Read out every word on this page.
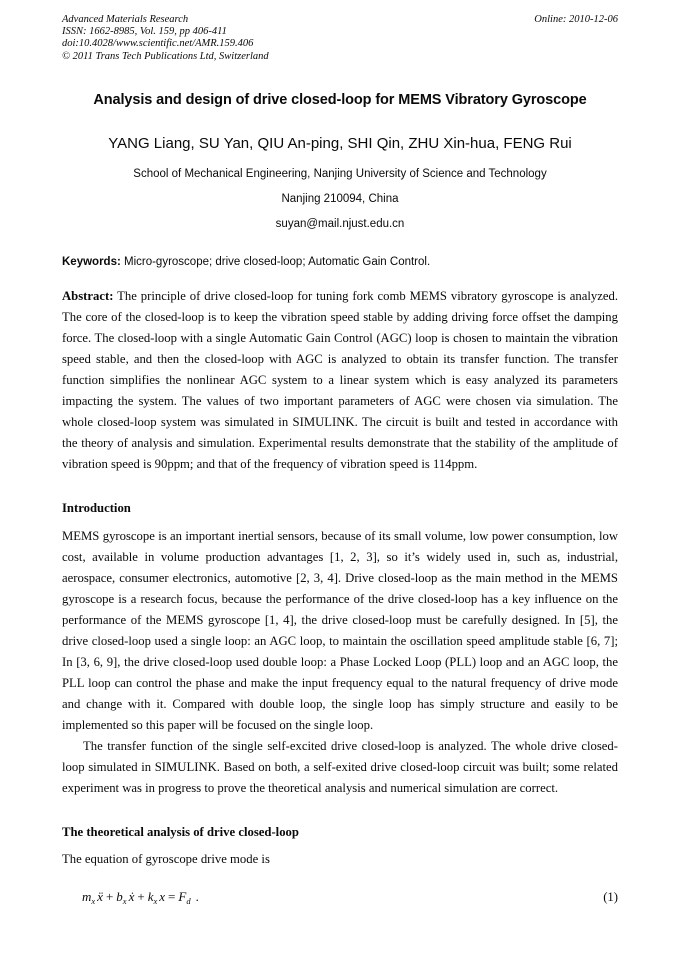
Advanced Materials Research
ISSN: 1662-8985, Vol. 159, pp 406-411
doi:10.4028/www.scientific.net/AMR.159.406
© 2011 Trans Tech Publications Ltd, Switzerland
Online: 2010-12-06
Analysis and design of drive closed-loop for MEMS Vibratory Gyroscope
YANG Liang, SU Yan, QIU An-ping, SHI Qin, ZHU Xin-hua, FENG Rui
School of Mechanical Engineering, Nanjing University of Science and Technology
Nanjing 210094, China
suyan@mail.njust.edu.cn
Keywords: Micro-gyroscope; drive closed-loop; Automatic Gain Control.
Abstract: The principle of drive closed-loop for tuning fork comb MEMS vibratory gyroscope is analyzed. The core of the closed-loop is to keep the vibration speed stable by adding driving force offset the damping force. The closed-loop with a single Automatic Gain Control (AGC) loop is chosen to maintain the vibration speed stable, and then the closed-loop with AGC is analyzed to obtain its transfer function. The transfer function simplifies the nonlinear AGC system to a linear system which is easy analyzed its parameters impacting the system. The values of two important parameters of AGC were chosen via simulation. The whole closed-loop system was simulated in SIMULINK. The circuit is built and tested in accordance with the theory of analysis and simulation. Experimental results demonstrate that the stability of the amplitude of vibration speed is 90ppm; and that of the frequency of vibration speed is 114ppm.
Introduction
MEMS gyroscope is an important inertial sensors, because of its small volume, low power consumption, low cost, available in volume production advantages [1, 2, 3], so it’s widely used in, such as, industrial, aerospace, consumer electronics, automotive [2, 3, 4]. Drive closed-loop as the main method in the MEMS gyroscope is a research focus, because the performance of the drive closed-loop has a key influence on the performance of the MEMS gyroscope [1, 4], the drive closed-loop must be carefully designed. In [5], the drive closed-loop used a single loop: an AGC loop, to maintain the oscillation speed amplitude stable [6, 7]; In [3, 6, 9], the drive closed-loop used double loop: a Phase Locked Loop (PLL) loop and an AGC loop, the PLL loop can control the phase and make the input frequency equal to the natural frequency of drive mode and change with it. Compared with double loop, the single loop has simply structure and easily to be implemented so this paper will be focused on the single loop.
The transfer function of the single self-excited drive closed-loop is analyzed. The whole drive closed-loop simulated in SIMULINK. Based on both, a self-exited drive closed-loop circuit was built; some related experiment was in progress to prove the theoretical analysis and numerical simulation are correct.
The theoretical analysis of drive closed-loop
The equation of gyroscope drive mode is
$m_x$ ẍ + $b_x$ ẋ + $k_x$ $x = F_d$ .	(1)
